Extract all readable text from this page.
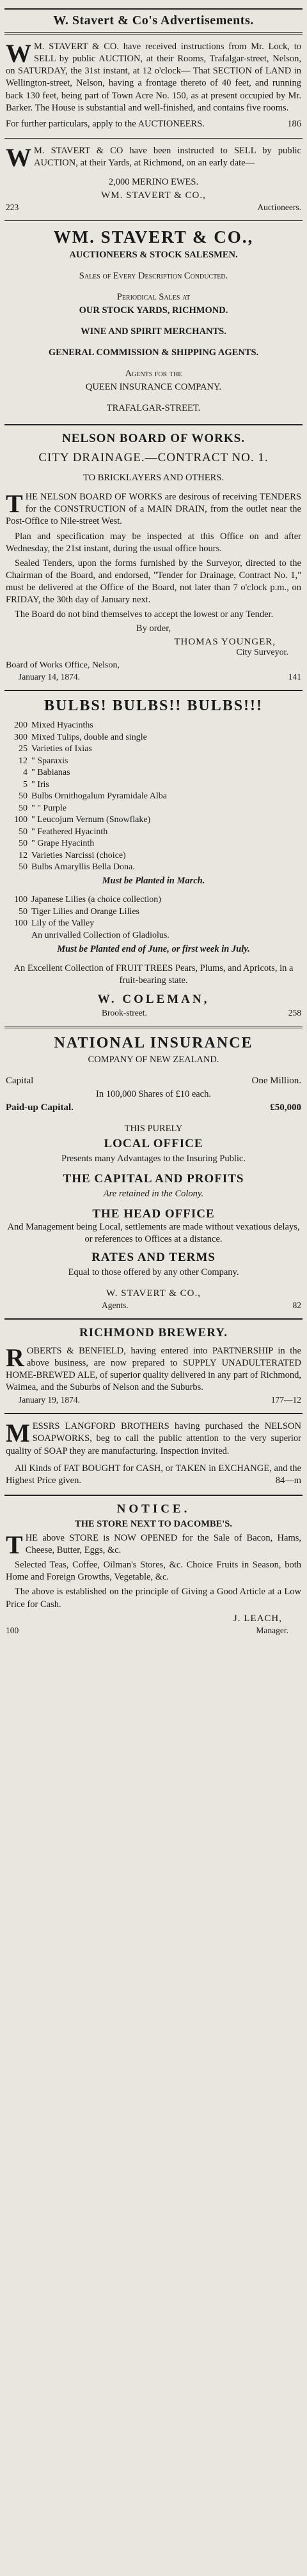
W. Stavert & Co's Advertisements.
W M. STAVERT & CO. have received instructions from Mr. Lock, to SELL by public AUCTION, at their Rooms, Trafalgar-street, Nelson, on SATURDAY, the 31st instant, at 12 o'clock— That SECTION of LAND in Wellington-street, Nelson, having a frontage thereto of 40 feet, and running back 130 feet, being part of Town Acre No. 150, as at present occupied by Mr. Barker. The House is substantial and well-finished, and contains five rooms.
For further particulars, apply to the AUCTIONEERS.	186
W M. STAVERT & CO have been instructed to SELL by public AUCTION, at their Yards, at Richmond, on an early date—
2,000 MERINO EWES.
WM. STAVERT & CO.,
223	Auctioneers.
WM. STAVERT & CO.,
AUCTIONEERS & STOCK SALESMEN.
Sales of Every Description Conducted.
Periodical Sales at
OUR STOCK YARDS, RICHMOND.
WINE AND SPIRIT MERCHANTS.
GENERAL COMMISSION & SHIPPING AGENTS.
Agents for the
QUEEN INSURANCE COMPANY.
TRAFALGAR-STREET.
NELSON BOARD OF WORKS.
CITY DRAINAGE.—CONTRACT NO. 1.
TO BRICKLAYERS AND OTHERS.
T HE NELSON BOARD OF WORKS are desirous of receiving TENDERS for the CONSTRUCTION of a MAIN DRAIN, from the outlet near the Post-Office to Nile-street West.
Plan and specification may be inspected at this Office on and after Wednesday, the 21st instant, during the usual office hours.
Sealed Tenders, upon the forms furnished by the Surveyor, directed to the Chairman of the Board, and endorsed, "Tender for Drainage, Contract No. 1," must be delivered at the Office of the Board, not later than 7 o'clock p.m., on FRIDAY, the 30th day of January next.
The Board do not bind themselves to accept the lowest or any Tender.
By order,
THOMAS YOUNGER,
City Surveyor.
Board of Works Office, Nelson,
January 14, 1874.	141
BULBS! BULBS!! BULBS!!!
200 Mixed Hyacinths
300 Mixed Tulips, double and single
25 Varieties of Ixias
12 " Sparaxis
4 " Babianas
5 " Iris
50 Bulbs Ornithogalum Pyramidale Alba
50 " " Purple
100 " Leucojum Vernum (Snowflake)
50 " Feathered Hyacinth
50 " Grape Hyacinth
12 Varieties Narcissi (choice)
50 Bulbs Amaryllis Bella Dona.
Must be Planted in March.
100 Japanese Lilies (a choice collection)
50 Tiger Lilies and Orange Lilies
100 Lily of the Valley
An unrivalled Collection of Gladiolus.
Must be Planted end of June, or first week in July.
An Excellent Collection of FRUIT TREES Pears, Plums, and Apricots, in a fruit-bearing state.
W. COLEMAN,
Brook-street.	258
NATIONAL INSURANCE
COMPANY OF NEW ZEALAND.
Capital	One Million.
In 100,000 Shares of £10 each.
Paid-up Capital.	£50,000
THIS PURELY
LOCAL OFFICE
Presents many Advantages to the Insuring Public.
THE CAPITAL AND PROFITS
Are retained in the Colony.
THE HEAD OFFICE
And Management being Local, settlements are made without vexatious delays, or references to Offices at a distance.
RATES AND TERMS
Equal to those offered by any other Company.
W. STAVERT & CO.,
Agents.	82
RICHMOND BREWERY.
R OBERTS & BENFIELD, having entered into PARTNERSHIP in the above business, are now prepared to SUPPLY UNADULTERATED HOME-BREWED ALE, of superior quality delivered in any part of Richmond, Waimea, and the Suburbs of Nelson and the Suburbs.
January 19, 1874.	177—12
M ESSRS LANGFORD BROTHERS having purchased the NELSON SOAPWORKS, beg to call the public attention to the very superior quality of SOAP they are manufacturing. Inspection invited.
All Kinds of FAT BOUGHT for CASH, or TAKEN in EXCHANGE, and the Highest Price given.	84—m
NOTICE.
THE STORE NEXT TO DACOMBE'S.
T HE above STORE is NOW OPENED for the Sale of Bacon, Hams, Cheese, Butter, Eggs, &c.
Selected Teas, Coffee, Oilman's Stores, &c. Choice Fruits in Season, both Home and Foreign Growths, Vegetable, &c.
The above is established on the principle of Giving a Good Article at a Low Price for Cash.
J. LEACH,
100	Manager.
